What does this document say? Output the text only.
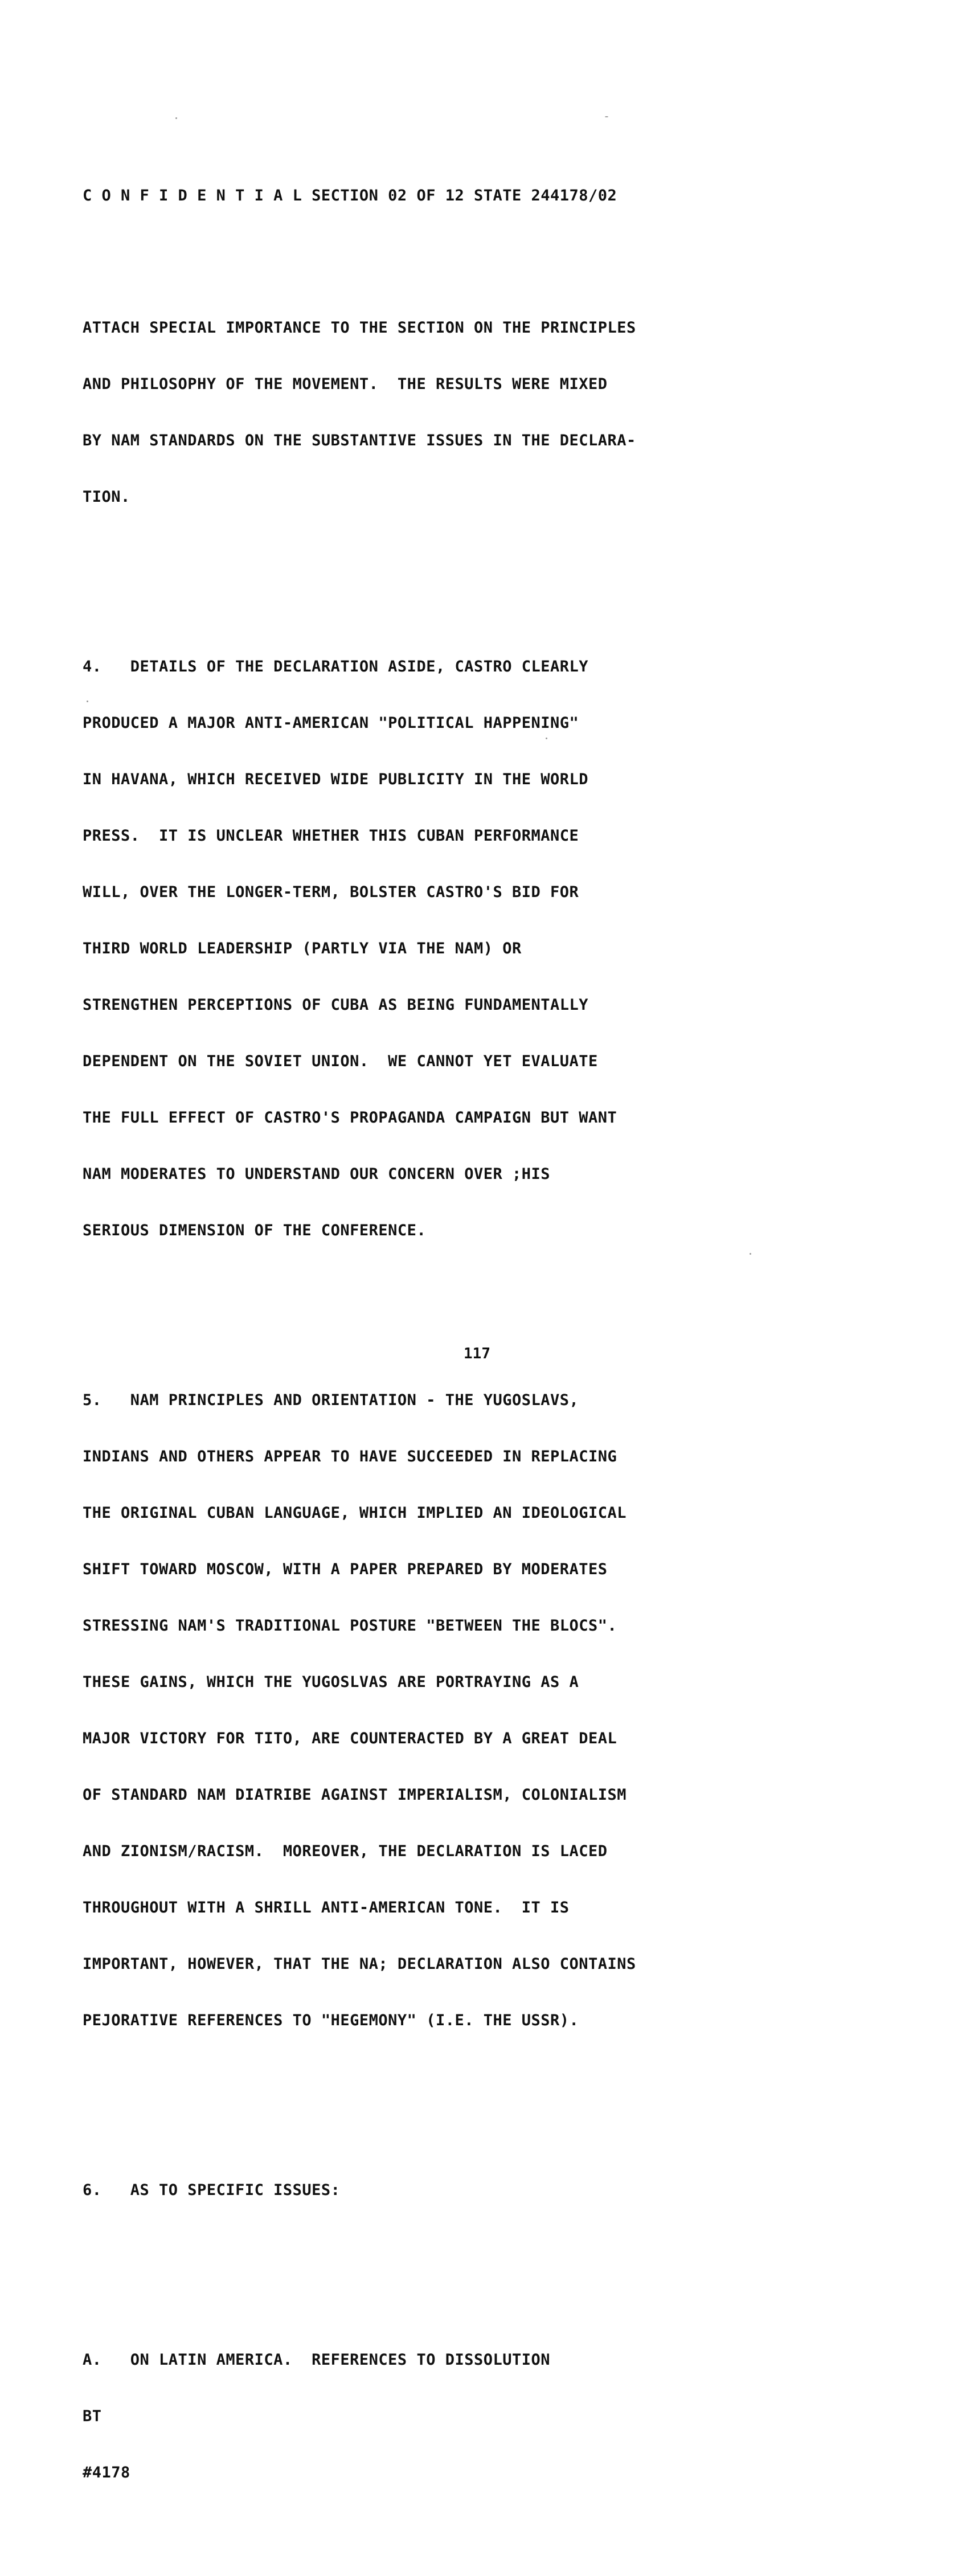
C O N F I D E N T I A L SECTION 02 OF 12 STATE 244178/02

ATTACH SPECIAL IMPORTANCE TO THE SECTION ON THE PRINCIPLES

AND PHILOSOPHY OF THE MOVEMENT.  THE RESULTS WERE MIXED

BY NAM STANDARDS ON THE SUBSTANTIVE ISSUES IN THE DECLARA-

TION.

4.   DETAILS OF THE DECLARATION ASIDE, CASTRO CLEARLY

PRODUCED A MAJOR ANTI-AMERICAN "POLITICAL HAPPENING"

IN HAVANA, WHICH RECEIVED WIDE PUBLICITY IN THE WORLD

PRESS.  IT IS UNCLEAR WHETHER THIS CUBAN PERFORMANCE

WILL, OVER THE LONGER-TERM, BOLSTER CASTRO'S BID FOR

THIRD WORLD LEADERSHIP (PARTLY VIA THE NAM) OR

STRENGTHEN PERCEPTIONS OF CUBA AS BEING FUNDAMENTALLY

DEPENDENT ON THE SOVIET UNION.  WE CANNOT YET EVALUATE

THE FULL EFFECT OF CASTRO'S PROPAGANDA CAMPAIGN BUT WANT

NAM MODERATES TO UNDERSTAND OUR CONCERN OVER ;HIS

SERIOUS DIMENSION OF THE CONFERENCE.

5.   NAM PRINCIPLES AND ORIENTATION - THE YUGOSLAVS,

INDIANS AND OTHERS APPEAR TO HAVE SUCCEEDED IN REPLACING

THE ORIGINAL CUBAN LANGUAGE, WHICH IMPLIED AN IDEOLOGICAL

SHIFT TOWARD MOSCOW, WITH A PAPER PREPARED BY MODERATES

STRESSING NAM'S TRADITIONAL POSTURE "BETWEEN THE BLOCS".

THESE GAINS, WHICH THE YUGOSLVAS ARE PORTRAYING AS A

MAJOR VICTORY FOR TITO, ARE COUNTERACTED BY A GREAT DEAL

OF STANDARD NAM DIATRIBE AGAINST IMPERIALISM, COLONIALISM

AND ZIONISM/RACISM.  MOREOVER, THE DECLARATION IS LACED

THROUGHOUT WITH A SHRILL ANTI-AMERICAN TONE.  IT IS

IMPORTANT, HOWEVER, THAT THE NA; DECLARATION ALSO CONTAINS

PEJORATIVE REFERENCES TO "HEGEMONY" (I.E. THE USSR).

6.   AS TO SPECIFIC ISSUES:

A.   ON LATIN AMERICA.  REFERENCES TO DISSOLUTION

BT

#4178

117
